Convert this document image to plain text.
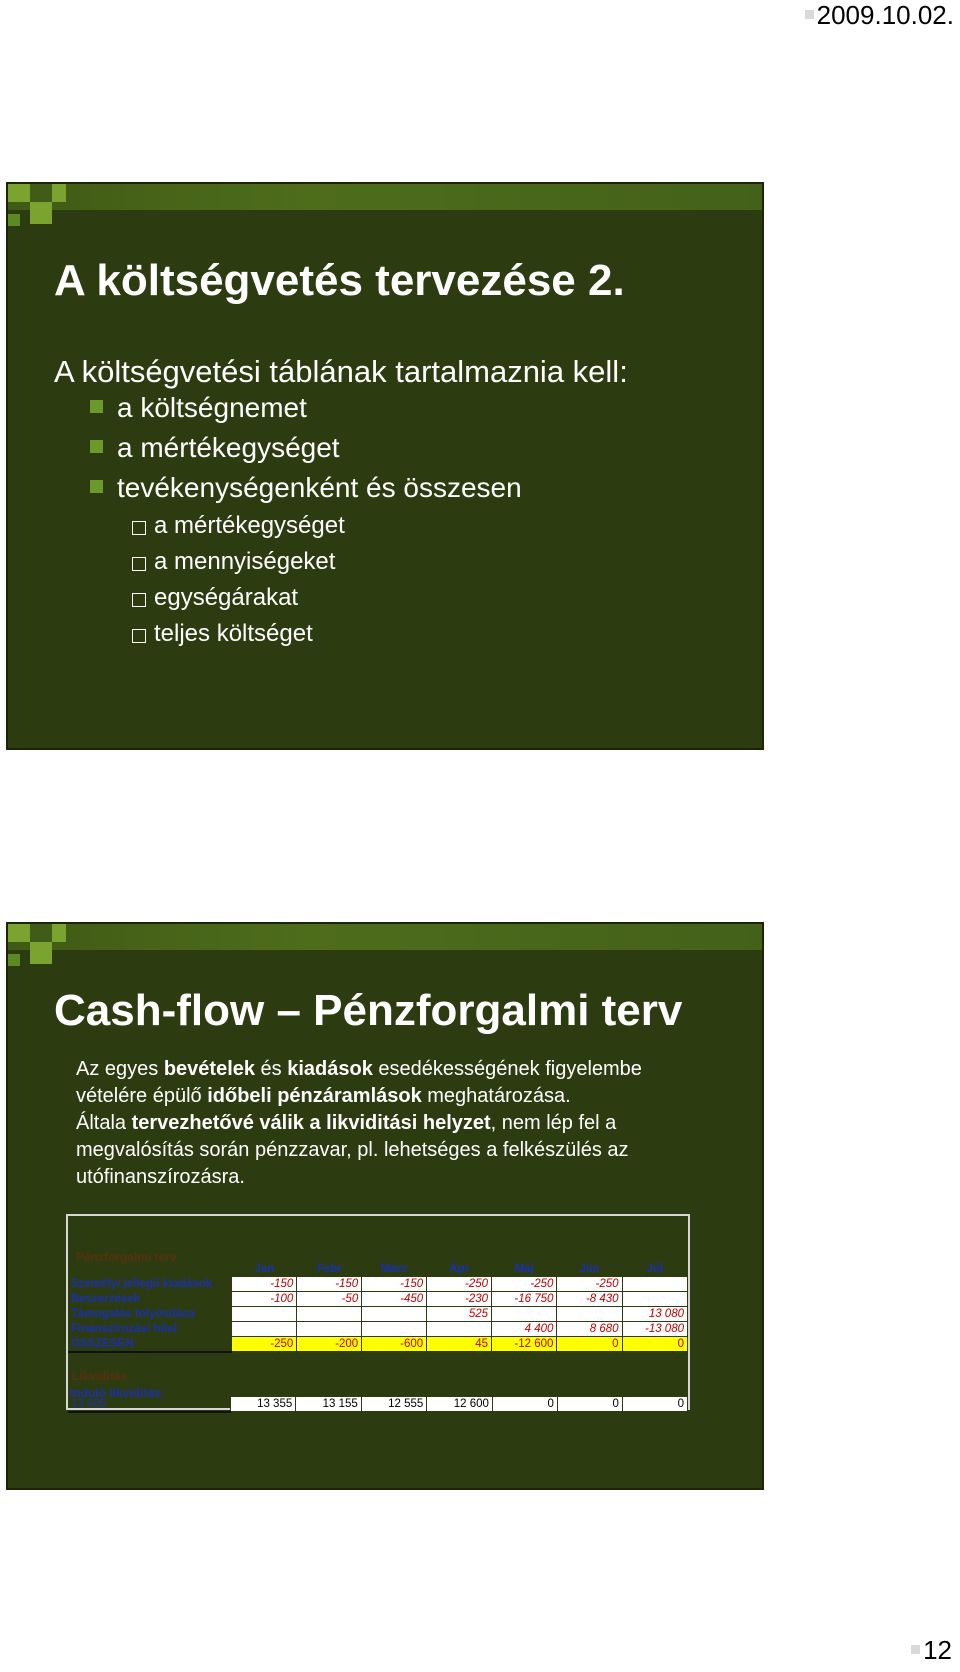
2009.10.02.
A költségvetés tervezése 2.
A költségvetési táblának tartalmaznia kell:
a költségnemet
a mértékegységet
tevékenységenként és összesen
a mértékegységet
a mennyiségeket
egységárakat
teljes költséget
Cash-flow – Pénzforgalmi terv

Az egyes bevételek és kiadások esedékességének figyelembe vételére épülő időbeli pénzáramlások meghatározása.

Általa tervezhetővé válik a likviditási helyzet, nem lép fel a megvalósítás során pénzzavar, pl. lehetséges a felkészülés az utófinanszírozásra.

Pénzforgalmi terv
	Jan	Febr	Márc	Ápr	Máj	Jún	Júl
Személyi jellegű kiadások	-150	-150	-150	-250	-250	-250	
Beszerzések	-100	-50	-450	-230	-16 750	-8 430	
Támogatás folyósítása				525			13 080
Finanszírozási hitel					4 400	8 680	-13 080
ÖSSZESEN	-250	-200	-600	45	-12 600	0	0
Likviditás
Induló likviditás:
13 605	13 355	13 155	12 555	12 600	0	0	0
12
